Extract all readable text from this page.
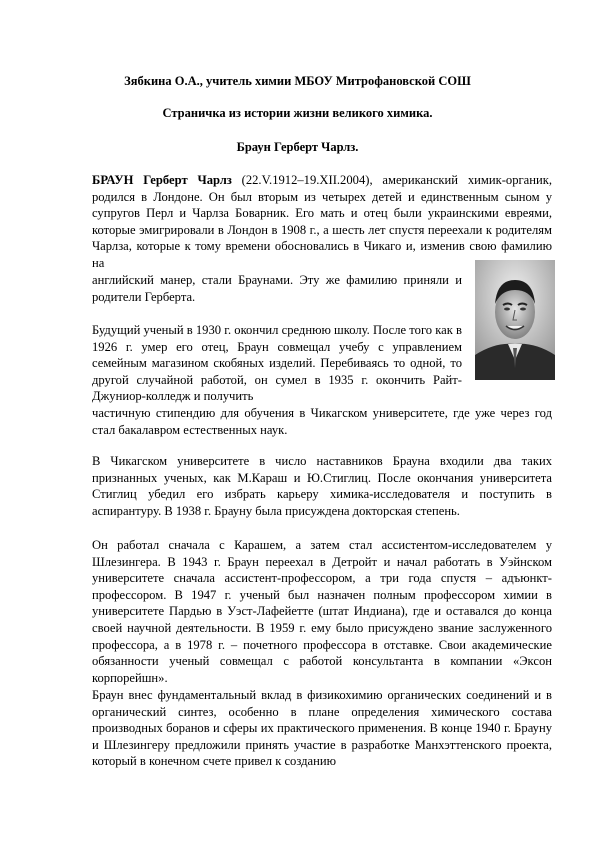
Зябкина О.А., учитель химии МБОУ Митрофановской СОШ
Страничка из истории жизни великого химика.
Браун Герберт Чарлз.
БРАУН Герберт Чарлз (22.V.1912–19.XII.2004), американский химик-органик, родился в Лондоне. Он был вторым из четырех детей и единственным сыном у супругов Перл и Чарлза Боварник. Его мать и отец были украинскими евреями, которые эмигрировали в Лондон в 1908 г., а шесть лет спустя переехали к родителям Чарлза, которые к тому времени обосновались в Чикаго и, изменив свою фамилию на
английский манер, стали Браунами. Эту же фамилию приняли и родители Герберта.
Будущий ученый в 1930 г. окончил среднюю школу. После того как в 1926 г. умер его отец, Браун совмещал учебу с управлением семейным магазином скобяных изделий. Перебиваясь то одной, то другой случайной работой, он сумел в 1935 г. окончить Райт-Джуниор-колледж и получить
частичную стипендию для обучения в Чикагском университете, где уже через год стал бакалавром естественных наук.
В Чикагском университете в число наставников Брауна входили два таких признанных ученых, как М.Караш и Ю.Стиглиц. После окончания университета Стиглиц убедил его избрать карьеру химика-исследователя и поступить в аспирантуру. В 1938 г. Брауну была присуждена докторская степень.
Он работал сначала с Карашем, а затем стал ассистентом-исследователем у Шлезингера. В 1943 г. Браун переехал в Детройт и начал работать в Уэйнском университете сначала ассистент-профессором, а три года спустя – адъюнкт-профессором. В 1947 г. ученый был назначен полным профессором химии в университете Пардью в Уэст-Лафейетте (штат Индиана), где и оставался до конца своей научной деятельности. В 1959 г. ему было присуждено звание заслуженного профессора, а в 1978 г. – почетного профессора в отставке. Свои академические обязанности ученый совмещал с работой консультанта в компании «Эксон корпорейшн».
Браун внес фундаментальный вклад в физикохимию органических соединений и в органический синтез, особенно в плане определения химического состава производных боранов и сферы их практического применения. В конце 1940 г. Брауну и Шлезингеру предложили принять участие в разработке Манхэттенского проекта, который в конечном счете привел к созданию
